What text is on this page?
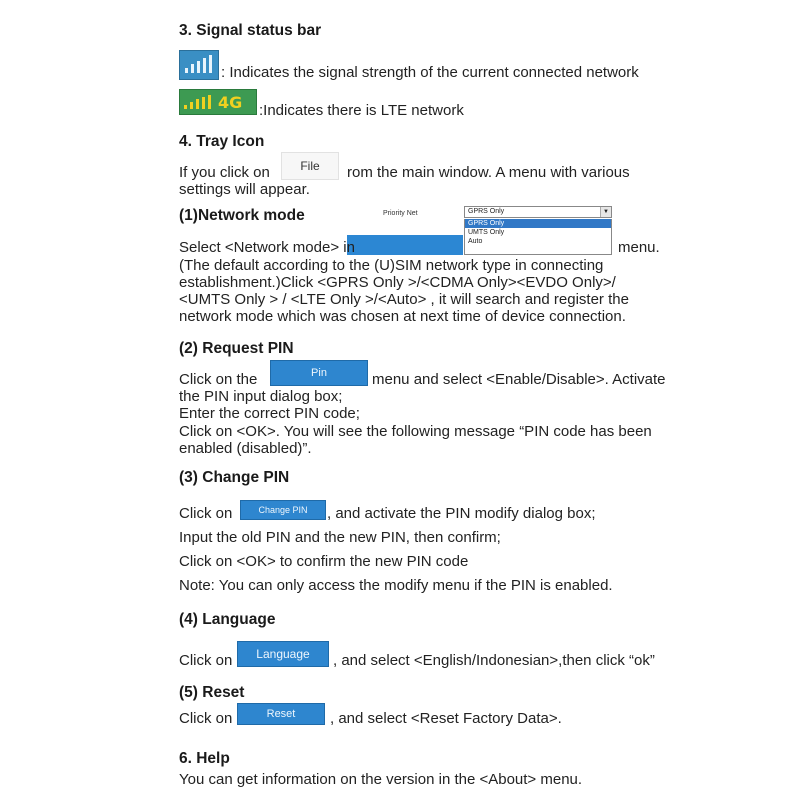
3. Signal status bar
: Indicates the signal strength of the current connected network
4G :Indicates there is LTE network
4. Tray Icon
If you click on	File	rom the main window. A menu with various
settings will appear.
(1)Network mode	Priority Net	GPRS Only	▼
GPRS Only
UMTS Only
Auto
Select <Network mode> in	menu.
(The default according to the (U)SIM network type in connecting
establishment.)Click <GPRS Only >/<CDMA Only><EVDO Only>/
<UMTS Only > / <LTE Only >/<Auto> , it will search and register the
network mode which was chosen at next time of device connection.
(2) Request PIN
Click on the	Pin	menu and select <Enable/Disable>. Activate
the PIN input dialog box;
Enter the correct PIN code;
Click on <OK>. You will see the following message “PIN code has been
enabled (disabled)”.
(3) Change PIN
Click on	Change PIN	, and activate the PIN modify dialog box;
Input the old PIN and the new PIN, then confirm;
Click on <OK> to confirm the new PIN code
Note: You can only access the modify menu if the PIN is enabled.
(4) Language
Click on	Language	, and select <English/Indonesian>,then click “ok”
(5) Reset
Click on	Reset	, and select <Reset Factory Data>.
6. Help
You can get information on the version in the <About> menu.
